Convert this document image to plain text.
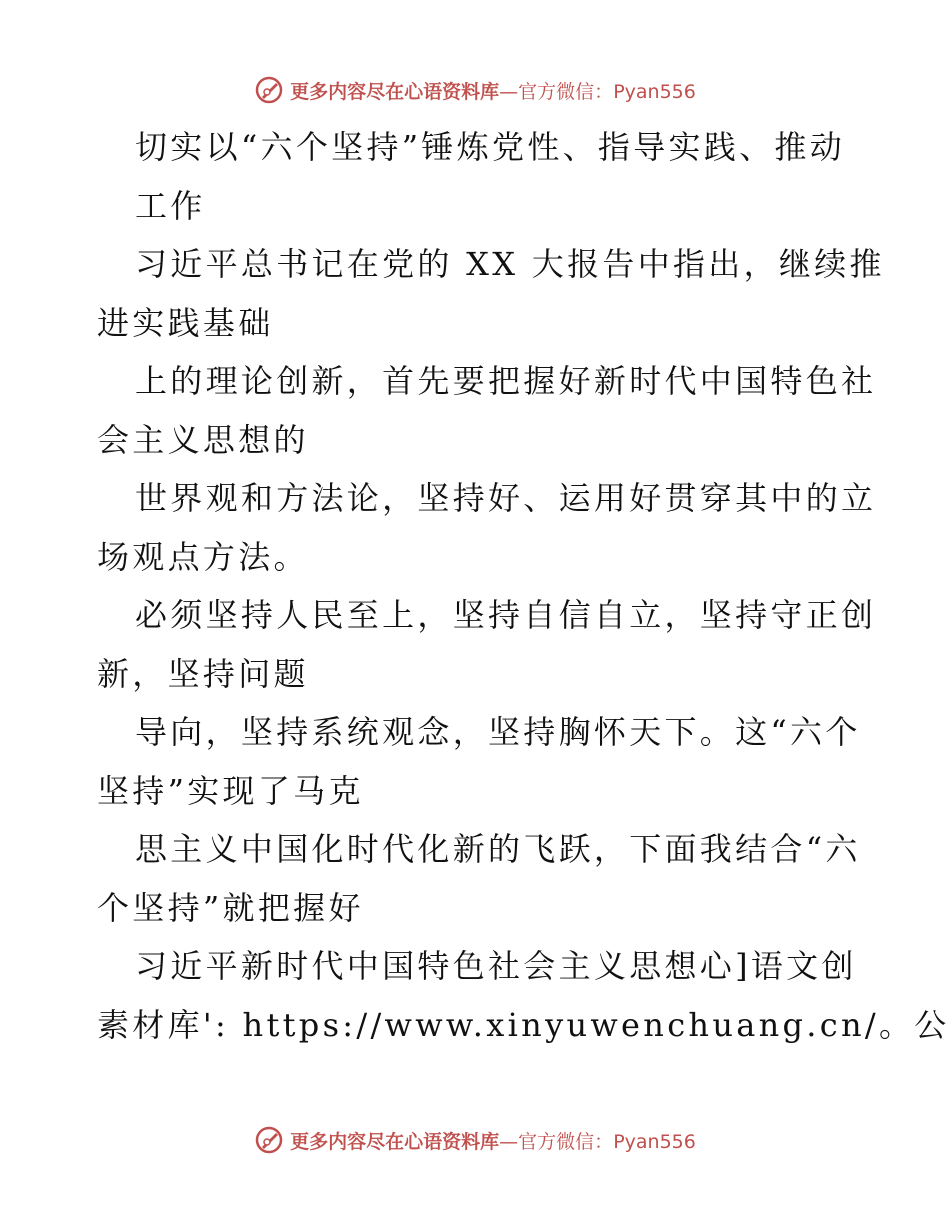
更多内容尽在心语资料库—官方微信：Pyan556
切实以“六个坚持”锤炼党性、指导实践、推动
工作
习近平总书记在党的 XX 大报告中指出，继续推
进实践基础
上的理论创新，首先要把握好新时代中国特色社
会主义思想的
世界观和方法论，坚持好、运用好贯穿其中的立
场观点方法。
必须坚持人民至上，坚持自信自立，坚持守正创
新，坚持问题
导向，坚持系统观念，坚持胸怀天下。这“六个
坚持”实现了马克
思主义中国化时代化新的飞跃，下面我结合“六
个坚持”就把握好
习近平新时代中国特色社会主义思想心]语文创
素材库': https://www.xinyuwenchuang.cn/。公
更多内容尽在心语资料库—官方微信：Pyan556
